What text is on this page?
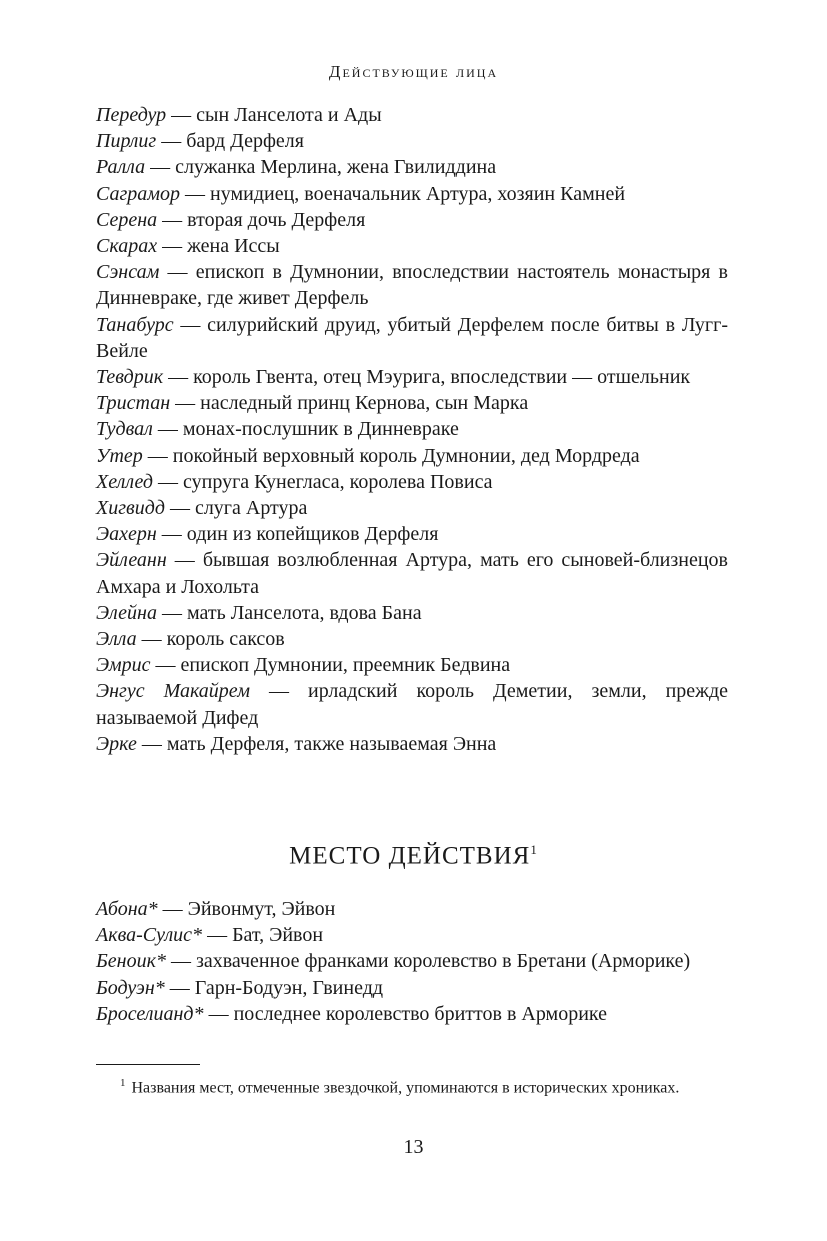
Действующие лица
Передур — сын Ланселота и Ады
Пирлиг — бард Дерфеля
Ралла — служанка Мерлина, жена Гвилиддина
Саграмор — нумидиец, военачальник Артура, хозяин Камней
Серена — вторая дочь Дерфеля
Скарах — жена Иссы
Сэнсам — епископ в Думнонии, впоследствии настоятель монастыря в Динневраке, где живет Дерфель
Танабурс — силурийский друид, убитый Дерфелем после битвы в Лугг-Вейле
Тевдрик — король Гвента, отец Мэурига, впоследствии — отшельник
Тристан — наследный принц Кернова, сын Марка
Тудвал — монах-послушник в Динневраке
Утер — покойный верховный король Думнонии, дед Мордреда
Хеллед — супруга Кунегласа, королева Повиса
Хигвидд — слуга Артура
Эахерн — один из копейщиков Дерфеля
Эйлеанн — бывшая возлюбленная Артура, мать его сыновей-близнецов Амхара и Лохольта
Элейна — мать Ланселота, вдова Бана
Элла — король саксов
Эмрис — епископ Думнонии, преемник Бедвина
Энгус Макайрем — ирладский король Деметии, земли, прежде называемой Дифед
Эрке — мать Дерфеля, также называемая Энна
МЕСТО ДЕЙСТВИЯ$^1$
Абона* — Эйвонмут, Эйвон
Аква-Сулис* — Бат, Эйвон
Беноик* — захваченное франками королевство в Бретани (Арморике)
Бодуэн* — Гарн-Бодуэн, Гвинедд
Броселианд* — последнее королевство бриттов в Арморике
$^1$ Названия мест, отмеченные звездочкой, упоминаются в исторических хрониках.
13
